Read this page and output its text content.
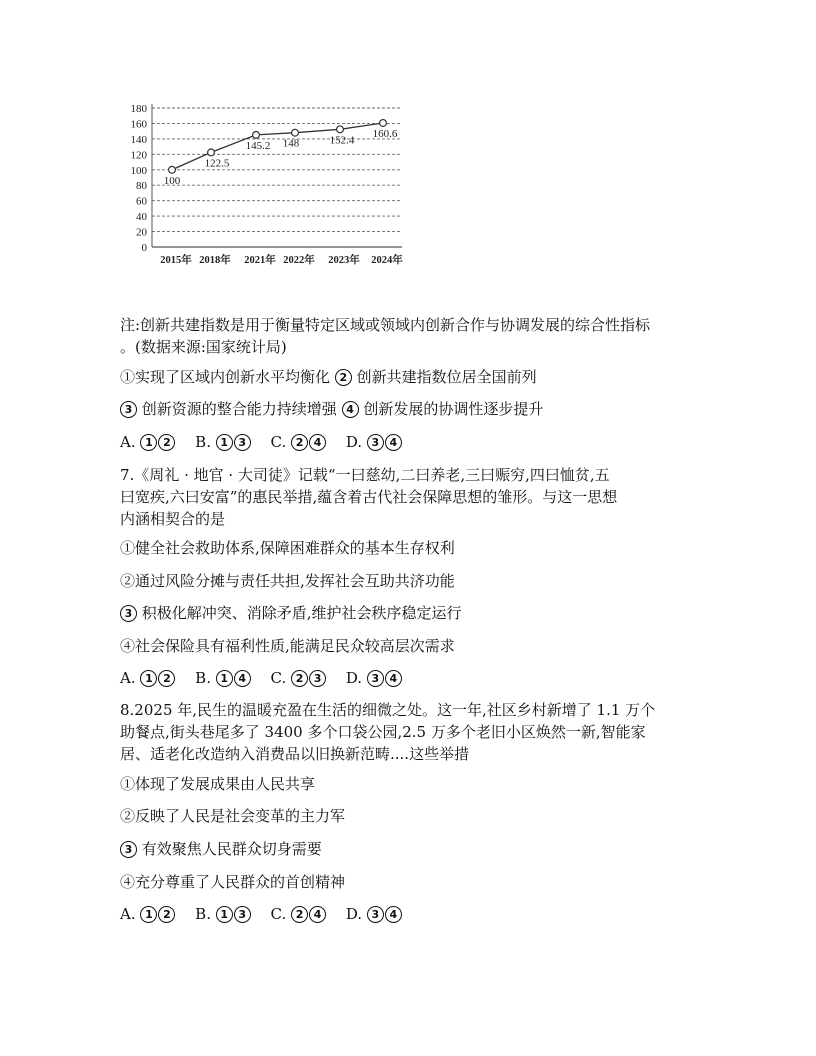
0
20
40
60
80
100
120
140
160
180
100
122.5
145.2 148	152.4
160.6
2015年 2018年 2021年 2022年 2023年 2024年
注:创新共建指数是用于衡量特定区域或领域内创新合作与协调发展的综合性指标
。(数据来源:国家统计局)
①实现了区域内创新水平均衡化 2 创新共建指数位居全国前列
3 创新资源的整合能力持续增强 4 创新发展的协调性逐步提升
A. 1 2 B. 1 3 C. 2 4 D. 3 4
7.《周礼 · 地官 · 大司徒》记载“一曰慈幼,二曰养老,三曰赈穷,四曰恤贫,五
曰宽疾,六曰安富”的惠民举措,蕴含着古代社会保障思想的雏形。与这一思想
内涵相契合的是
①健全社会救助体系,保障困难群众的基本生存权利
②通过风险分摊与责任共担,发挥社会互助共济功能
3 积极化解冲突、消除矛盾,维护社会秩序稳定运行
④社会保险具有福利性质,能满足民众较高层次需求
A. 1 2 B. 1 4 C. 2 3 D. 3 4
8.2025 年,民生的温暖充盈在生活的细微之处。这一年,社区乡村新增了 1.1 万个
助餐点,街头巷尾多了 3400 多个口袋公园,2.5 万多个老旧小区焕然一新,智能家
居、适老化改造纳入消费品以旧换新范畴....这些举措
①体现了发展成果由人民共享
②反映了人民是社会变革的主力军
3 有效聚焦人民群众切身需要
④充分尊重了人民群众的首创精神
A. 1 2 B. 1 3 C. 2 4 D. 3 4
